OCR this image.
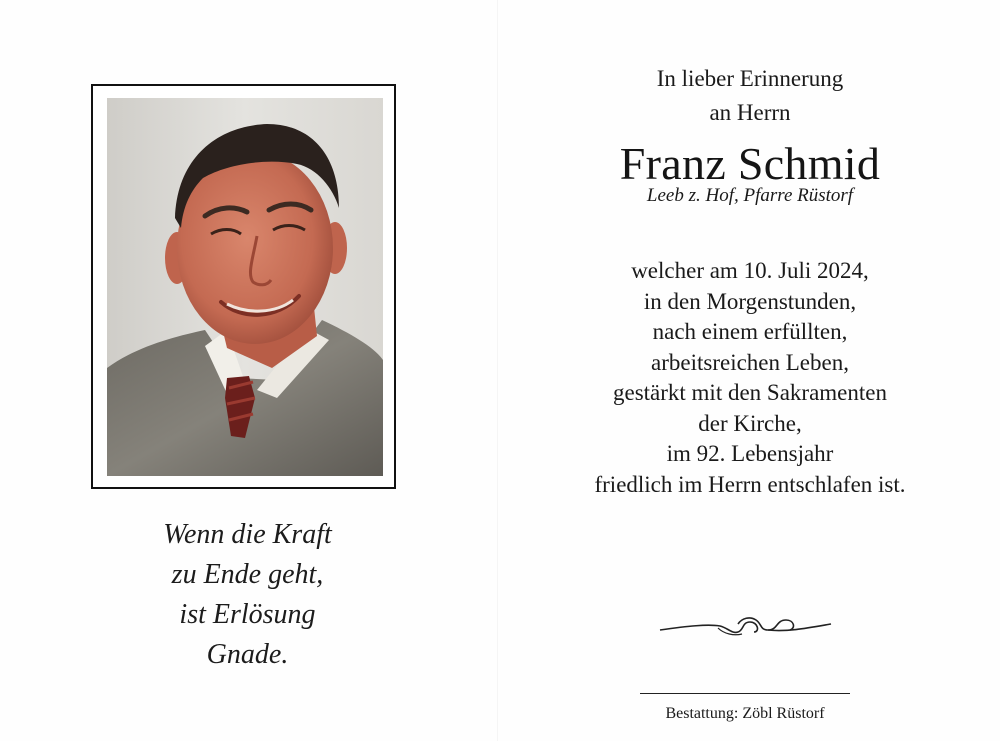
Wenn die Kraft
zu Ende geht,
ist Erlösung
Gnade.
In lieber Erinnerung
an Herrn
Franz Schmid
Leeb z. Hof, Pfarre Rüstorf
welcher am 10. Juli 2024,
in den Morgenstunden,
nach einem erfüllten,
arbeitsreichen Leben,
gestärkt mit den Sakramenten
der Kirche,
im 92. Lebensjahr
friedlich im Herrn entschlafen ist.
Bestattung: Zöbl Rüstorf
